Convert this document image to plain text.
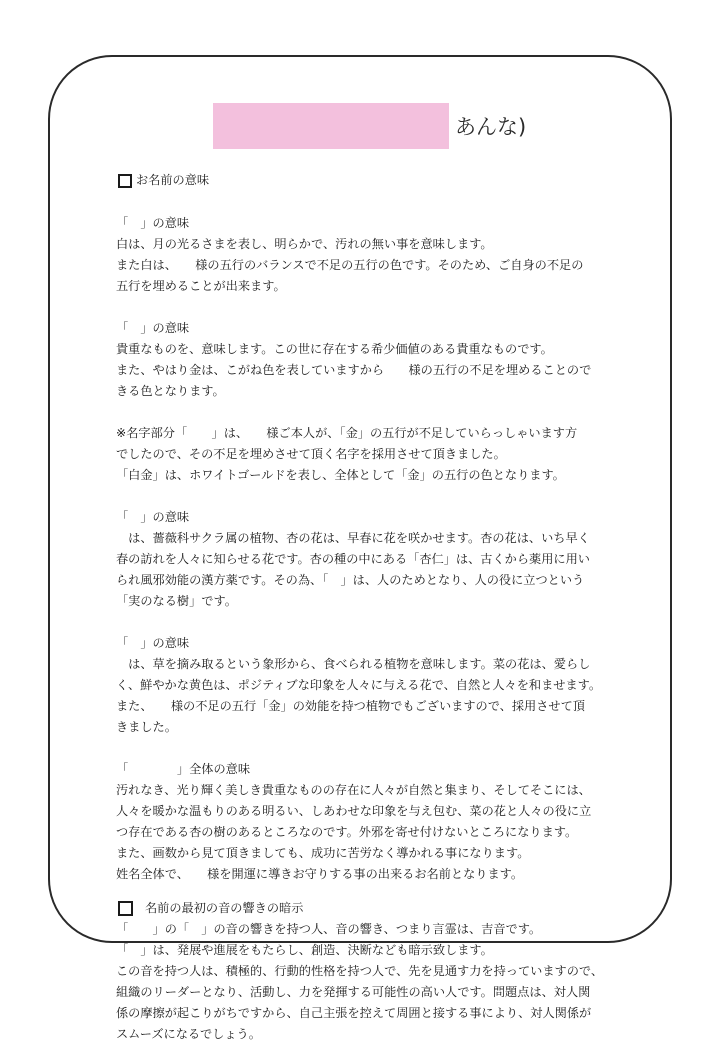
あんな)
お名前の意味

「　」の意味

白は、月の光るさまを表し、明らかで、汚れの無い事を意味します。

また白は、　　様の五行のバランスで不足の五行の色です。そのため、ご自身の不足の

五行を埋めることが出来ます。

「　」の意味

貴重なものを、意味します。この世に存在する希少価値のある貴重なものです。

また、やはり金は、こがね色を表していますから　　様の五行の不足を埋めることので

きる色となります。

※名字部分「　　」は、　　様ご本人が、「金」の五行が不足していらっしゃいます方

でしたので、その不足を埋めさせて頂く名字を採用させて頂きました。

「白金」は、ホワイトゴールドを表し、全体として「金」の五行の色となります。

「　」の意味

　は、薔薇科サクラ属の植物、杏の花は、早春に花を咲かせます。杏の花は、いち早く

春の訪れを人々に知らせる花です。杏の種の中にある「杏仁」は、古くから薬用に用い

られ風邪効能の漢方薬です。その為、「　」は、人のためとなり、人の役に立つという

「実のなる樹」です。

「　」の意味

　は、草を摘み取るという象形から、食べられる植物を意味します。菜の花は、愛らし

く、鮮やかな黄色は、ポジティブな印象を人々に与える花で、自然と人々を和ませます。

また、　　様の不足の五行「金」の効能を持つ植物でもございますので、採用させて頂

きました。

「　　　　」全体の意味

汚れなき、光り輝く美しき貴重なものの存在に人々が自然と集まり、そしてそこには、

人々を暖かな温もりのある明るい、しあわせな印象を与え包む、菜の花と人々の役に立

つ存在である杏の樹のあるところなのです。外邪を寄せ付けないところになります。

また、画数から見て頂きましても、成功に苦労なく導かれる事になります。

姓名全体で、　　様を開運に導きお守りする事の出来るお名前となります。

名前の最初の音の響きの暗示

「　　」の「　」の音の響きを持つ人、音の響き、つまり言霊は、吉音です。

「　」は、発展や進展をもたらし、創造、決断なども暗示致します。

この音を持つ人は、積極的、行動的性格を持つ人で、先を見通す力を持っていますので、

組織のリーダーとなり、活動し、力を発揮する可能性の高い人です。問題点は、対人関

係の摩擦が起こりがちですから、自己主張を控えて周囲と接する事により、対人関係が

スムーズになるでしょう。
